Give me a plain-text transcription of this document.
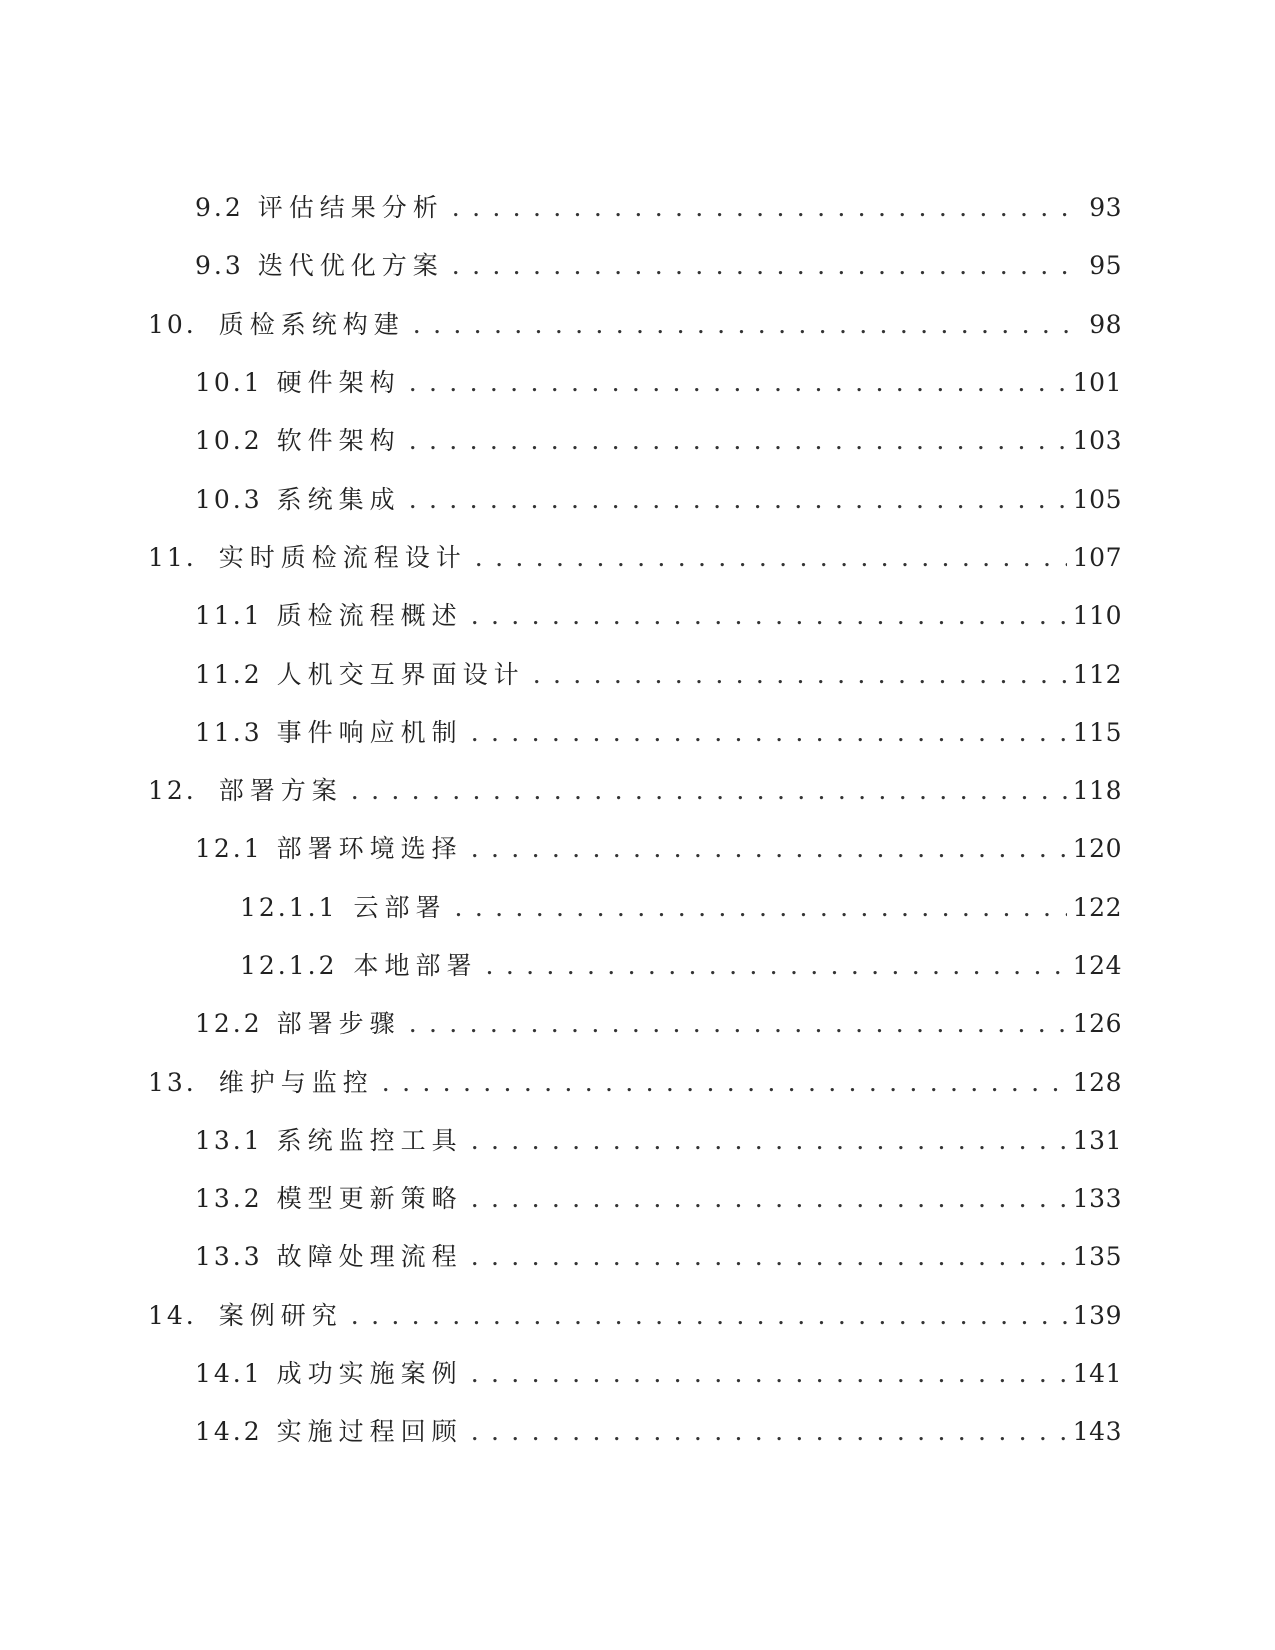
9.2 评估结果分析 . . .	93
9.3 迭代优化方案 . . .	95
10. 质检系统构建 . . .	98
10.1 硬件架构 . . .	101
10.2 软件架构 . . .	103
10.3 系统集成 . . .	105
11. 实时质检流程设计 . . .	107
11.1 质检流程概述 . . .	110
11.2 人机交互界面设计 . . .	112
11.3 事件响应机制 . . .	115
12. 部署方案 . . .	118
12.1 部署环境选择 . . .	120
12.1.1 云部署 . . .	122
12.1.2 本地部署 . . .	124
12.2 部署步骤 . . .	126
13. 维护与监控 . . .	128
13.1 系统监控工具 . . .	131
13.2 模型更新策略 . . .	133
13.3 故障处理流程 . . .	135
14. 案例研究 . . .	139
14.1 成功实施案例 . . .	141
14.2 实施过程回顾 . . .	143
